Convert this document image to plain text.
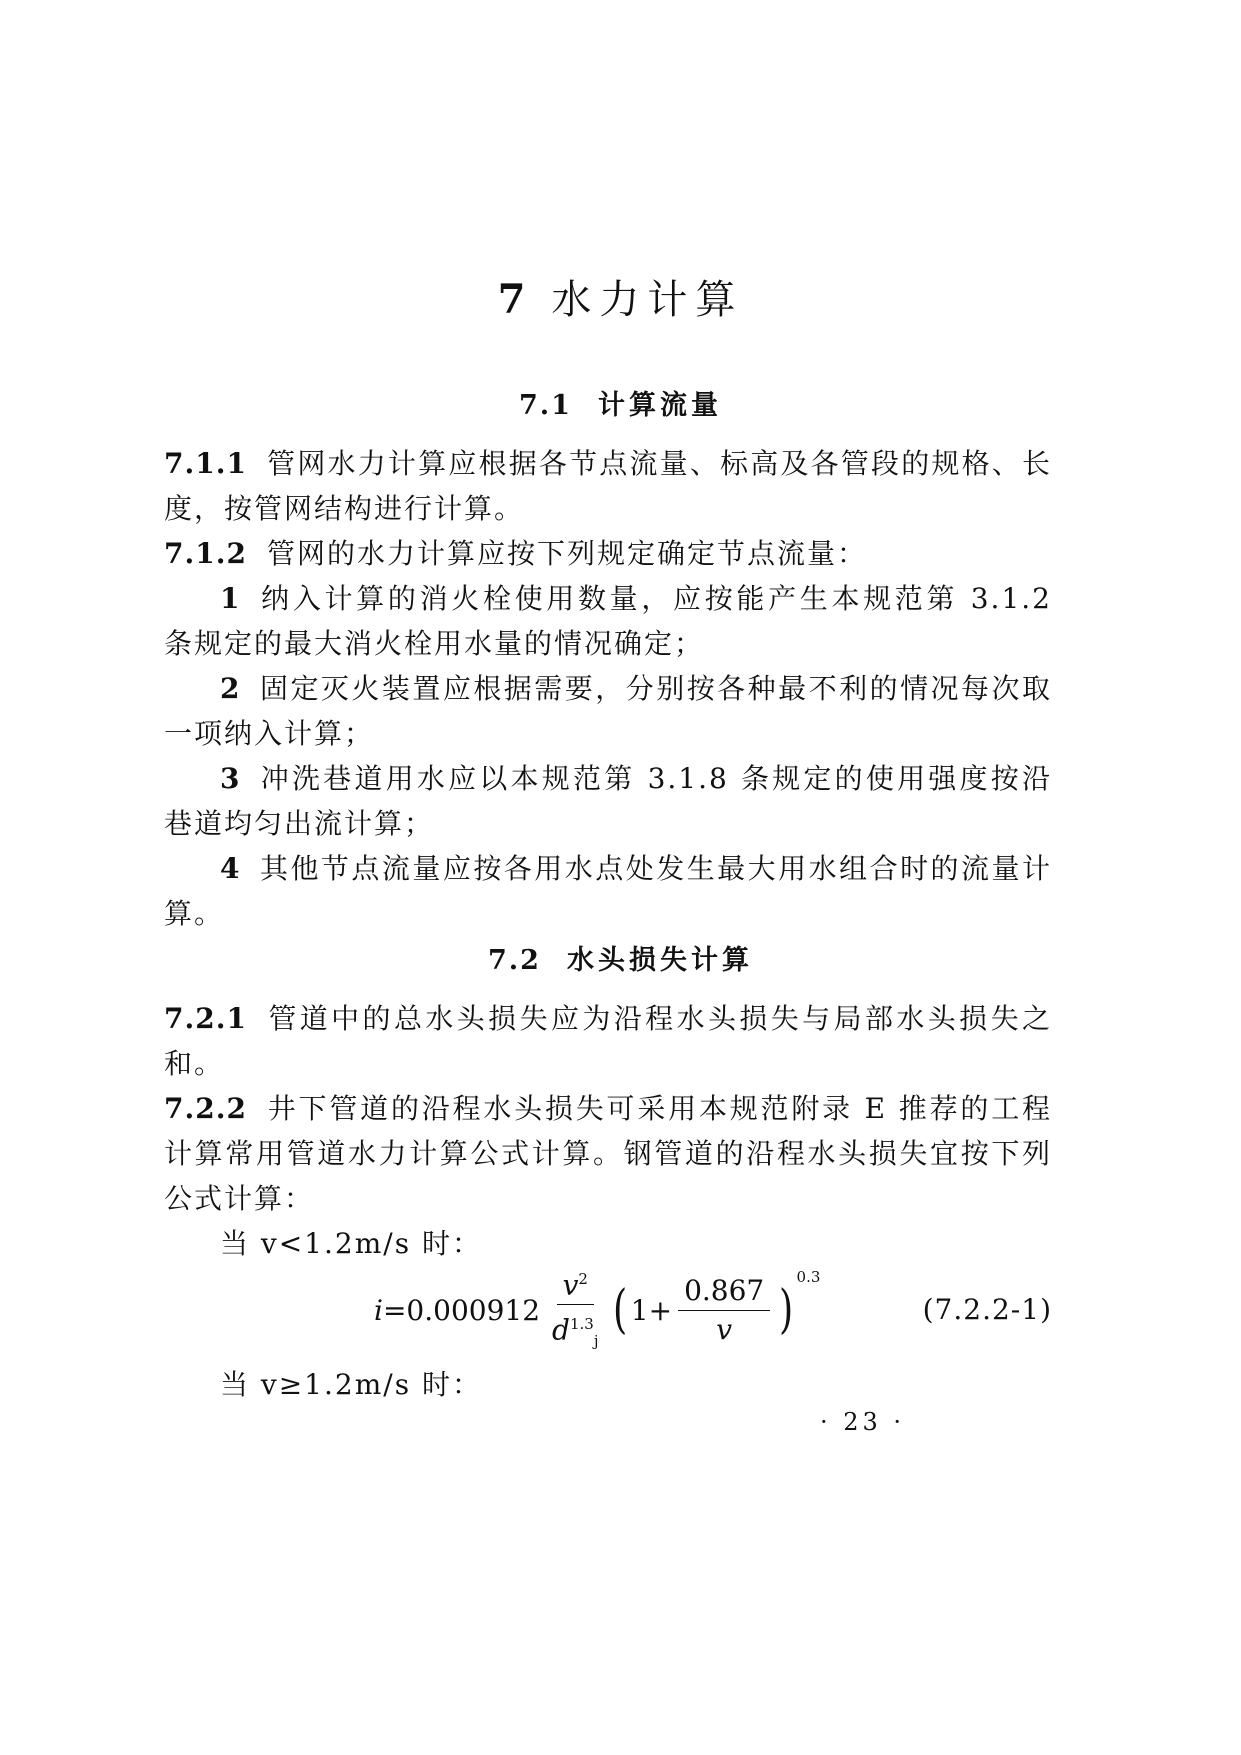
7 水力计算
7.1 计算流量
7.1.1 管网水力计算应根据各节点流量、标高及各管段的规格、长度，按管网结构进行计算。
7.1.2 管网的水力计算应按下列规定确定节点流量：
1 纳入计算的消火栓使用数量，应按能产生本规范第 3.1.2 条规定的最大消火栓用水量的情况确定；
2 固定灭火装置应根据需要，分别按各种最不利的情况每次取一项纳入计算；
3 冲洗巷道用水应以本规范第 3.1.8 条规定的使用强度按沿巷道均匀出流计算；
4 其他节点流量应按各用水点处发生最大用水组合时的流量计算。
7.2 水头损失计算
7.2.1 管道中的总水头损失应为沿程水头损失与局部水头损失之和。
7.2.2 井下管道的沿程水头损失可采用本规范附录 E 推荐的工程计算常用管道水力计算公式计算。钢管道的沿程水头损失宜按下列公式计算：
当 v<1.2m/s 时：
$i =0.000912 \frac{v^2}{d^{1.3}_j}$ ( $1+ \frac{0.867}{v}$ )
$^{0.3}$
(7.2.2-1)
当 v≥1.2m/s 时：
· 23 ·
